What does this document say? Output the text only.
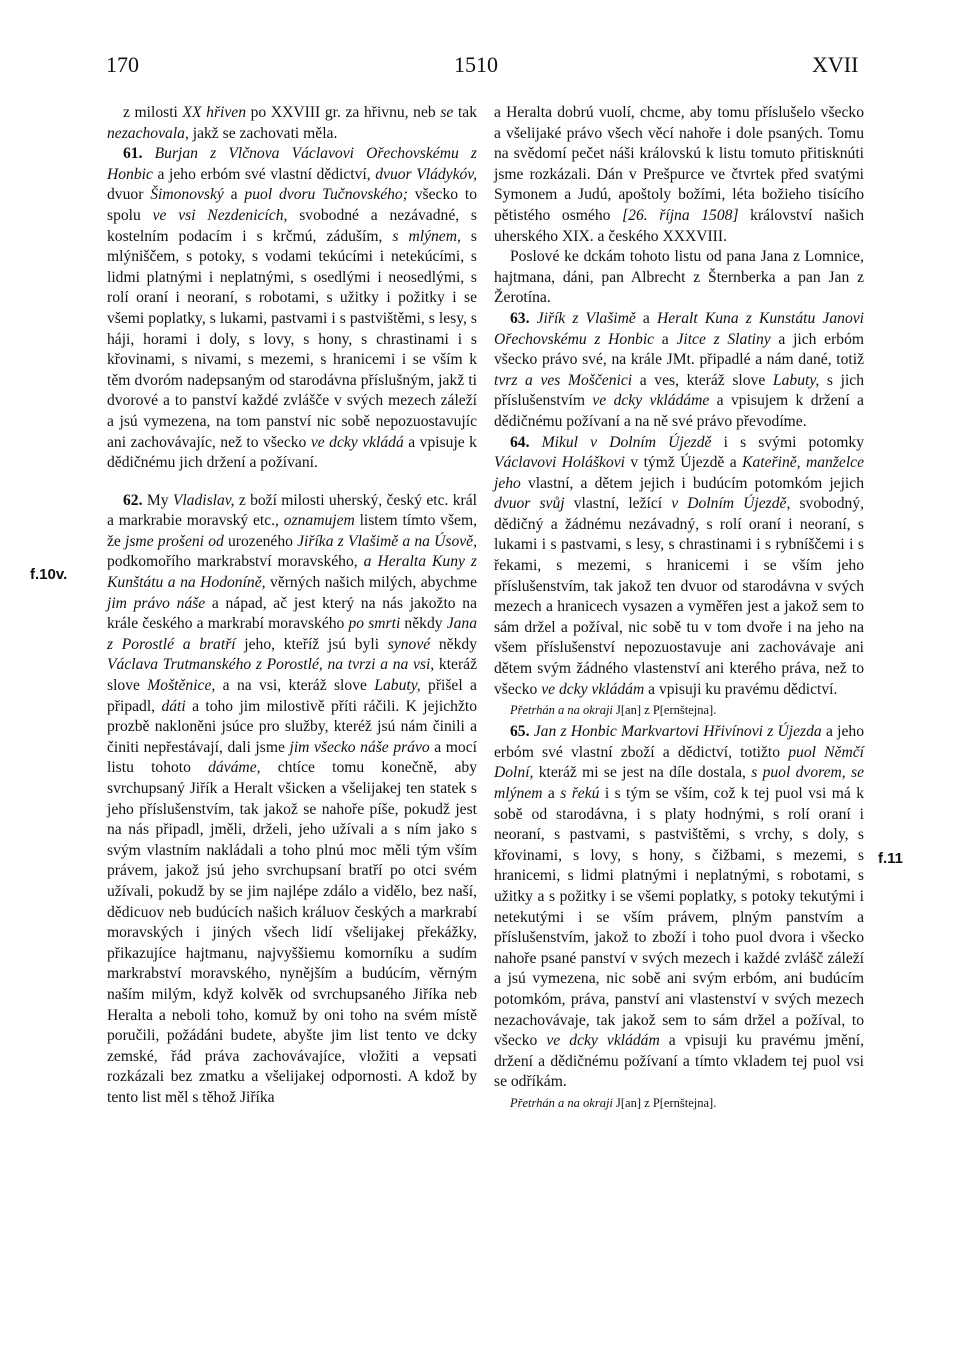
170	1510	XVII
f.10v.
f.11

z milosti XX hřiven po XXVIII gr. za hřivnu, neb se tak nezachovala, jakž se zachovati měla.

61. Burjan z Vlčnova Václavovi Ořechovskému z Honbic a jeho erbóm své vlastní dědictví, dvuor Vládykóv, dvuor Šimonovský a puol dvoru Tučnovského; všecko to spolu ve vsi Nezdenicích, svobodné a nezávadné, s kostelním podacím i s krčmú, záduším, s mlýnem, s mlýniščem, s potoky, s vodami tekúcími i netekúcími, s lidmi platnými i neplatnými, s osedlými i neosedlými, s rolí oraní i neoraní, s robotami, s užitky i požitky i se všemi poplatky, s lukami, pastvami i s pastvištěmi, s lesy, s háji, horami i doly, s lovy, s hony, s chrastinami i s křovinami, s nivami, s mezemi, s hranicemi i se vším k těm dvoróm nadepsaným od starodávna příslušným, jakž ti dvorové a to panství každé zvlášče v svých mezech záleží a jsú vymezena, na tom panství nic sobě nepozuostavujíc ani zachovávajíc, než to všecko ve dcky vkládá a vpisuje k dědičnému jich držení a požívaní.

62. My Vladislav, z boží milosti uherský, český etc. král a markrabie moravský etc., oznamujem listem tímto všem, že jsme prošeni od urozeného Jiříka z Vlašimě a na Úsově, podkomořího markrabství moravského, a Heralta Kuny z Kunštátu a na Hodoníně, věrných našich milých, abychme jim právo náše a nápad, ač jest který na nás jakožto na krále českého a markrabí moravského po smrti někdy Jana z Porostlé a bratří jeho, kteříž jsú byli synové někdy Václava Trutmanského z Porostlé, na tvrzi a na vsi, kteráž slove Moštěnice, a na vsi, kteráž slove Labuty, přišel a připadl, dáti a toho jim milostivě příti ráčili. K jejichžto prozbě nakloněni jsúce pro služby, kteréž jsú nám činili a činiti nepřestávají, dali jsme jim všecko náše právo a mocí listu tohoto dáváme, chtíce tomu konečně, aby svrchupsaný Jiřík a Heralt všicken a všelijakej ten statek s jeho příslušenstvím, tak jakož se nahoře píše, pokudž jest na nás připadl, jměli, drželi, jeho užívali a s ním jako s svým vlastním nakládali a toho plnú moc měli tým vším právem, jakož jsú jeho svrchupsaní bratří po otci svém užívali, pokudž by se jim najlépe zdálo a vidělo, bez naší, dědicuov neb budúcích našich králuov českých a markrabí moravských i jiných všech lidí všelijakej překážky, přikazujíce hajtmanu, najvyššiemu komorníku a sudím markrabství moravského, nynějším a budúcím, věrným naším milým, když kolvěk od svrchupsaného Jiříka neb Heralta a neboli toho, komuž by oni toho na svém místě poručili, požádáni budete, abyšte jim list tento ve dcky zemské, řád práva zachovávajíce, vložiti a vepsati rozkázali bez zmatku a všelijakej odpornosti. A kdož by tento list měl s těhož Jiříka

a Heralta dobrú vuolí, chcme, aby tomu příslušelo všecko a všelijaké právo všech věcí nahoře i dole psaných. Tomu na svědomí pečet náši královskú k listu tomuto přitisknúti jsme rozkázali. Dán v Prešpurce ve čtvrtek před svatými Symonem a Judú, apoštoly božími, léta božieho tisícího pětistého osmého [26. října 1508] království našich uherského XIX. a českého XXXVIII.

Poslové ke dckám tohoto listu od pana Jana z Lomnice, hajtmana, dáni, pan Albrecht z Šternberka a pan Jan z Žerotína.

63. Jiřík z Vlašimě a Heralt Kuna z Kunstátu Janovi Ořechovskému z Honbic a Jitce z Slatiny a jich erbóm všecko právo své, na krále JMt. připadlé a nám dané, totiž tvrz a ves Moščenici a ves, kteráž slove Labuty, s jich příslušenstvím ve dcky vkládáme a vpisujem k držení a dědičnému požívaní a na ně své právo převodíme.

64. Mikul v Dolním Újezdě i s svými potomky Václavovi Holáškovi v týmž Újezdě a Kateřině, manželce jeho vlastní, a dětem jejich i budúcím potomkóm jejich dvuor svůj vlastní, ležící v Dolním Újezdě, svobodný, dědičný a žádnému nezávadný, s rolí oraní i neoraní, s lukami i s pastvami, s lesy, s chrastinami i s rybníščemi i s řekami, s mezemi, s hranicemi i se vším jeho příslušenstvím, tak jakož ten dvuor od starodávna v svých mezech a hranicech vysazen a vyměřen jest a jakož sem to sám držel a požíval, nic sobě tu v tom dvoře i na jeho na všem příslušenství nepozuostavuje ani zachovávaje ani dětem svým žádného vlastenství ani kterého práva, než to všecko ve dcky vkládám a vpisuji ku pravému dědictví.

Přetrhán a na okraji J[an] z P[ernštejna].

65. Jan z Honbic Markvartovi Hřivínovi z Újezda a jeho erbóm své vlastní zboží a dědictví, totižto puol Němčí Dolní, kteráž mi se jest na díle dostala, s puol dvorem, se mlýnem a s řekú i s tým se vším, což k tej puol vsi má k sobě od starodávna, i s platy hodnými, s rolí oraní i neoraní, s pastvami, s pastvištěmi, s vrchy, s doly, s křovinami, s lovy, s hony, s čižbami, s mezemi, s hranicemi, s lidmi platnými i neplatnými, s robotami, s užitky a s požitky i se všemi poplatky, s potoky tekutými i netekutými i se vším právem, plným panstvím a příslušenstvím, jakož to zboží i toho puol dvora i všecko nahoře psané panství v svých mezech i každé zvlášč záleží a jsú vymezena, nic sobě ani svým erbóm, ani budúcím potomkóm, práva, panství ani vlastenství v svých mezech nezachovávaje, tak jakož sem to sám držel a požíval, to všecko ve dcky vkládám a vpisuji ku pravému jmění, držení a dědičnému požívaní a tímto vkladem tej puol vsi se odříkám.

Přetrhán a na okraji J[an] z P[ernštejna].
